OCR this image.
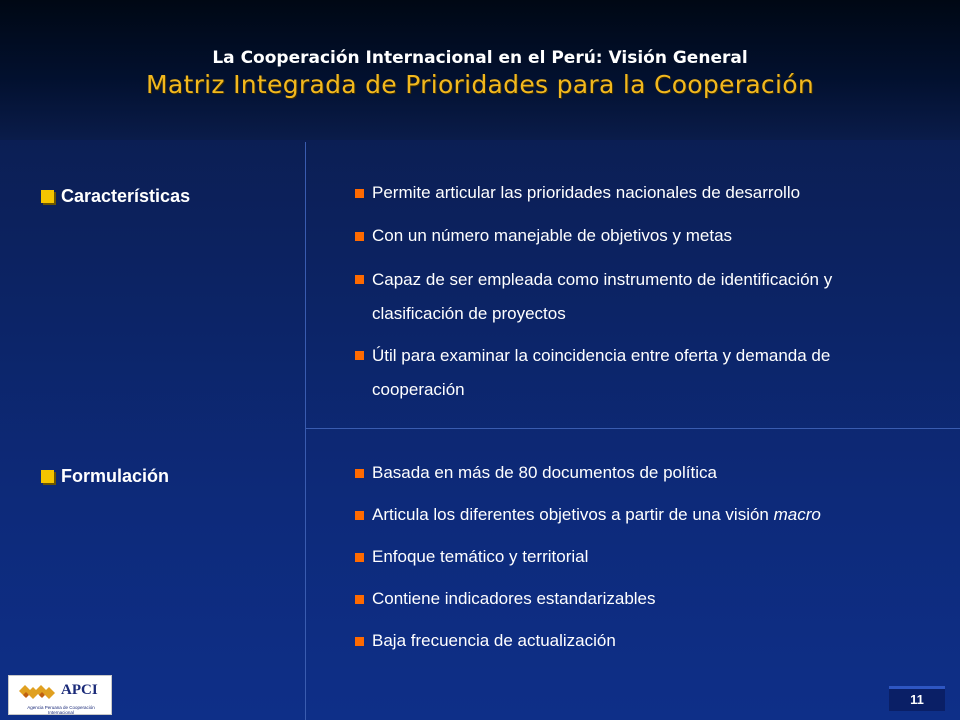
La Cooperación Internacional en el Perú: Visión General
Matriz Integrada de Prioridades para la Cooperación
Características	Permite articular las prioridades nacionales de desarrollo
Con un número manejable de objetivos y metas
Capaz de ser empleada como instrumento de identificación y clasificación de proyectos
Útil para examinar la coincidencia entre oferta y demanda de cooperación
Formulación	Basada en más de 80 documentos de política
Articula los diferentes objetivos a partir de una visión macro
Enfoque temático y territorial
Contiene indicadores estandarizables
Baja frecuencia de actualización
APCI
Agencia Peruana de Cooperación Internacional
11
